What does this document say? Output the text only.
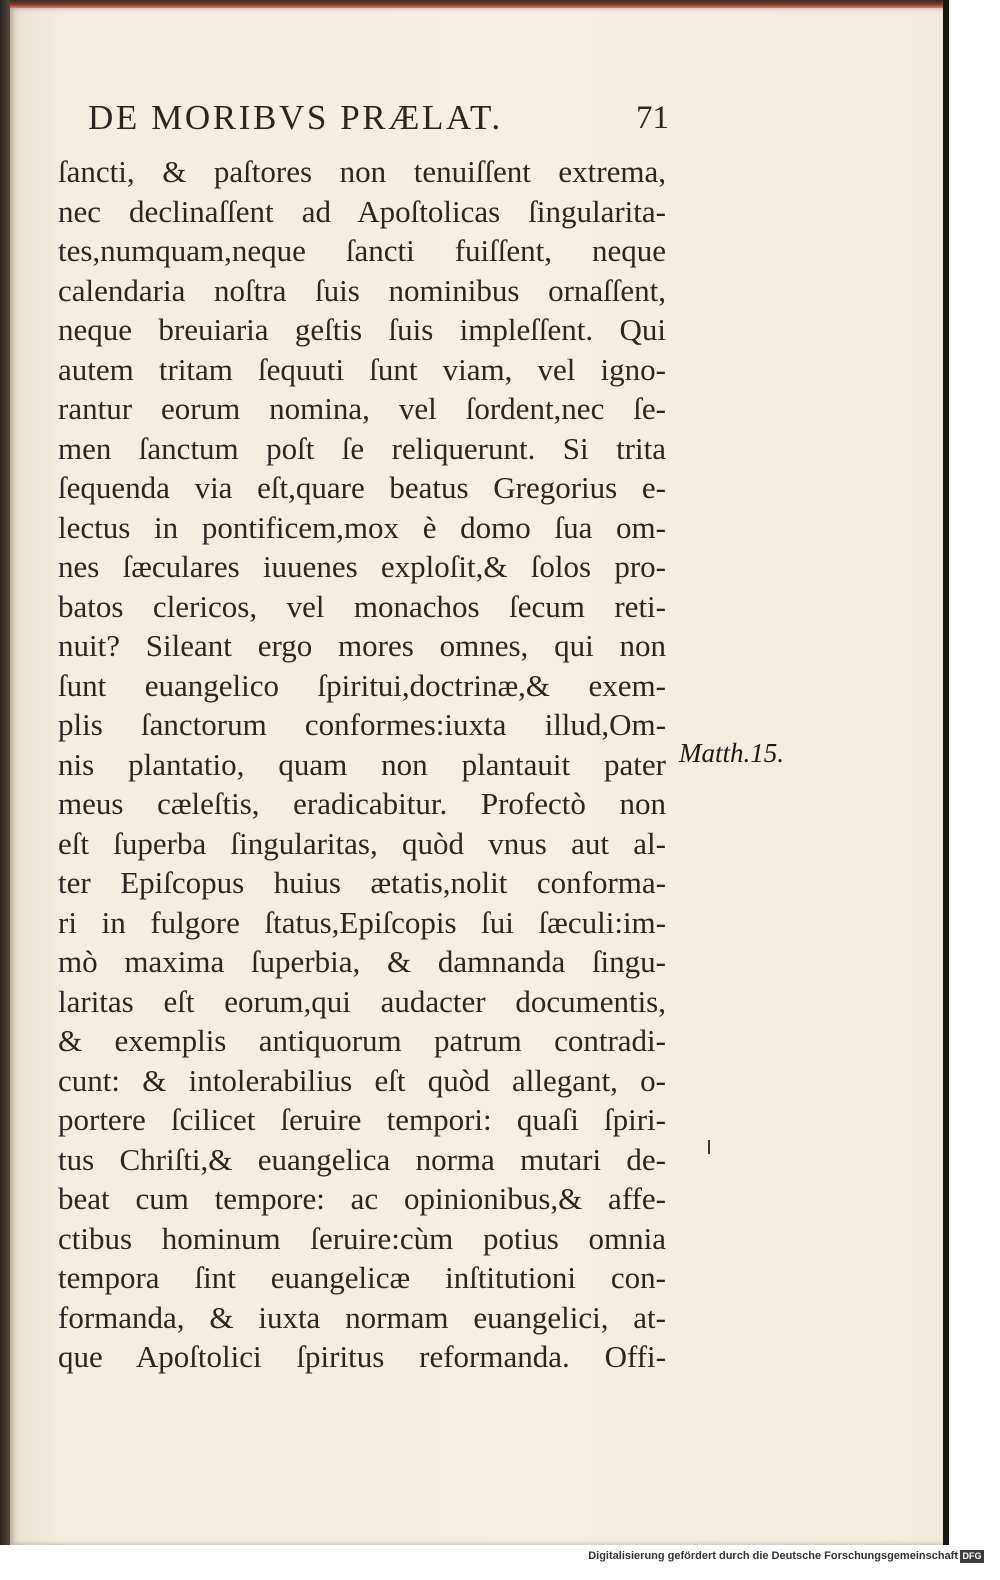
DE MORIBVS PRÆLAT.	71
ſancti, & paſtores non tenuiſſent extrema,
nec declinaſſent ad Apoſtolicas ſingularita-
tes,numquam,neque ſancti fuiſſent, neque
calendaria noſtra ſuis nominibus ornaſſent,
neque breuiaria geſtis ſuis impleſſent. Qui
autem tritam ſequuti ſunt viam, vel igno-
rantur eorum nomina, vel ſordent,nec ſe-
men ſanctum poſt ſe reliquerunt. Si trita
ſequenda via eſt,quare beatus Gregorius e-
lectus in pontificem,mox è domo ſua om-
nes ſæculares iuuenes exploſit,& ſolos pro-
batos clericos, vel monachos ſecum reti-
nuit? Sileant ergo mores omnes, qui non
ſunt euangelico ſpiritui,doctrinæ,& exem-
plis ſanctorum conformes:iuxta illud,Om-
nis plantatio, quam non plantauit pater
meus cæleſtis, eradicabitur. Profectò non
eſt ſuperba ſingularitas, quòd vnus aut al-
ter Epiſcopus huius ætatis,nolit conforma-
ri in fulgore ſtatus,Epiſcopis ſui ſæculi:im-
mò maxima ſuperbia, & damnanda ſingu-
laritas eſt eorum,qui audacter documentis,
& exemplis antiquorum patrum contradi-
cunt: & intolerabilius eſt quòd allegant, o-
portere ſcilicet ſeruire tempori: quaſi ſpiri-
tus Chriſti,& euangelica norma mutari de-
beat cum tempore: ac opinionibus,& affe-
ctibus hominum ſeruire:cùm potius omnia
tempora ſint euangelicæ inſtitutioni con-
formanda, & iuxta normam euangelici, at-
que Apoſtolici ſpiritus reformanda. Offi-
Matth.15.
Digitalisierung gefördert durch die Deutsche Forschungsgemeinschaft DFG
